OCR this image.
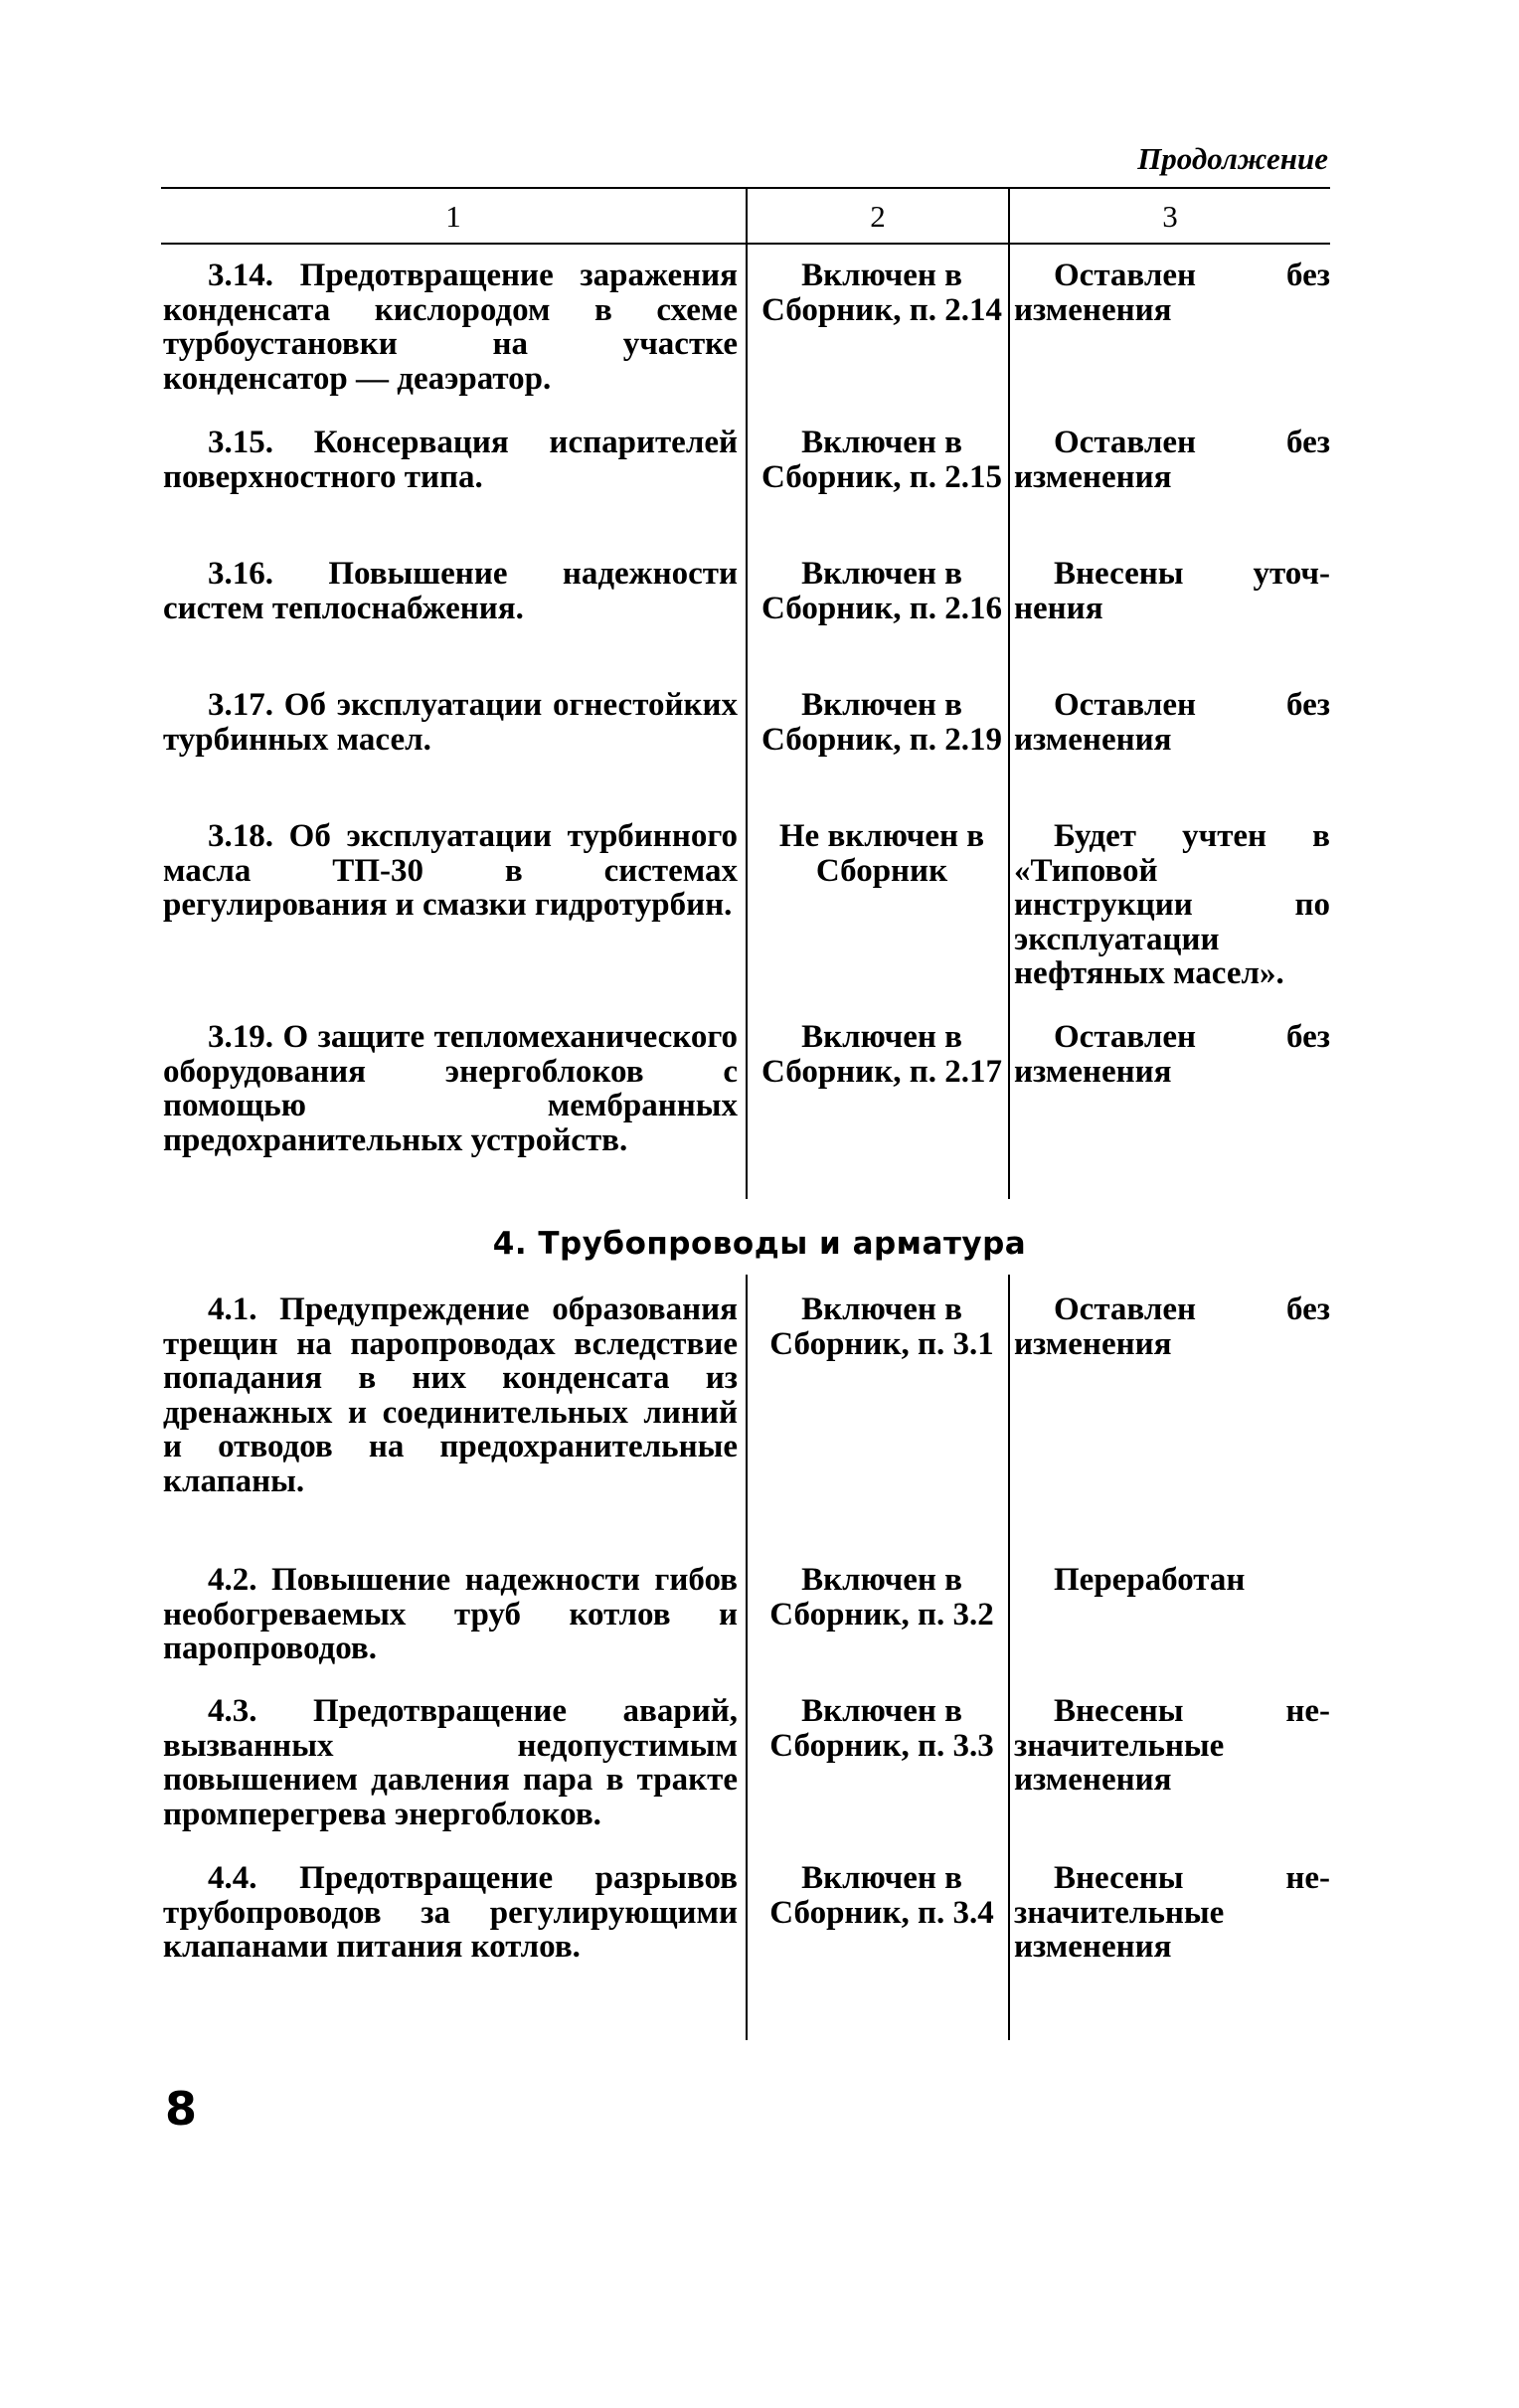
Продолжение
1	2	3
3.14. Предотвращение заражения конденсата кислородом в схеме турбоустановки на участке конденсатор — деаэратор.
Включен в Сборник, п. 2.14
Оставлен без
изменения
3.15. Консервация испарителей поверхностного типа.
Включен в Сборник, п. 2.15
Оставлен без
изменения
3.16. Повышение надежности систем теплоснабжения.
Включен в Сборник, п. 2.16
Внесены уточ-
нения
3.17. Об эксплуатации огнестойких турбинных масел.
Включен в Сборник, п. 2.19
Оставлен без
изменения
3.18. Об эксплуатации турбинного масла ТП-30 в системах регулирования и смазки гидротурбин.
Не включен в Сборник
Будет учтен в
«Типовой инструкции по эксплуатации нефтяных масел».
3.19. О защите тепломеханического оборудования энергоблоков с помощью мембранных предохранительных устройств.
Включен в Сборник, п. 2.17
Оставлен без
изменения
4. Трубопроводы и арматура
4.1. Предупреждение образования трещин на паропроводах вследствие попадания в них конденсата из дренажных и соединительных линий и отводов на предохранительные клапаны.
Включен в Сборник, п. 3.1
Оставлен без
изменения
4.2. Повышение надежности гибов необогреваемых труб котлов и паропроводов.
Включен в Сборник, п. 3.2
Переработан
4.3. Предотвращение аварий, вызванных недопустимым повышением давления пара в тракте промперегрева энергоблоков.
Включен в Сборник, п. 3.3
Внесены не-
значительные изменения
4.4. Предотвращение разрывов трубопроводов за регулирующими клапанами питания котлов.
Включен в Сборник, п. 3.4
Внесены не-
значительные изменения
8
